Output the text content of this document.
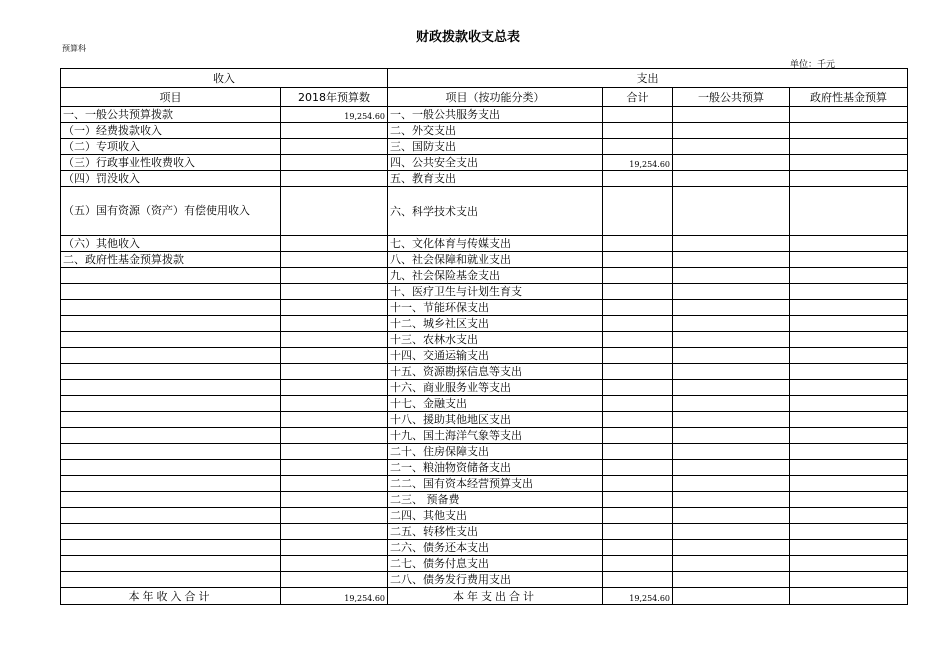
财政拨款收支总表
预算科
单位：千元
收入		支出			
项目	2018年预算数	项目（按功能分类）	合计	一般公共预算	政府性基金预算
一、一般公共预算拨款	19,254.60	一、一般公共服务支出			
（一）经费拨款收入		二、外交支出			
（二）专项收入		三、国防支出			
（三）行政事业性收费收入		四、公共安全支出	19,254.60		
（四）罚没收入		五、教育支出			
（五）国有资源（资产）有偿使用收入		六、科学技术支出			
（六）其他收入		七、文化体育与传媒支出			
二、政府性基金预算拨款		八、社会保障和就业支出			
		九、社会保险基金支出			
		十、医疗卫生与计划生育支			
		十一、节能环保支出			
		十二、城乡社区支出			
		十三、农林水支出			
		十四、交通运输支出			
		十五、资源勘探信息等支出			
		十六、商业服务业等支出			
		十七、金融支出			
		十八、援助其他地区支出			
		十九、国土海洋气象等支出			
		二十、住房保障支出			
		二一、粮油物资储备支出			
		二二、国有资本经营预算支出			
		二三、 预备费			
		二四、其他支出			
		二五、转移性支出			
		二六、债务还本支出			
		二七、债务付息支出			
		二八、债务发行费用支出			
本年收入合计	19,254.60	本年支出合计	19,254.60		
